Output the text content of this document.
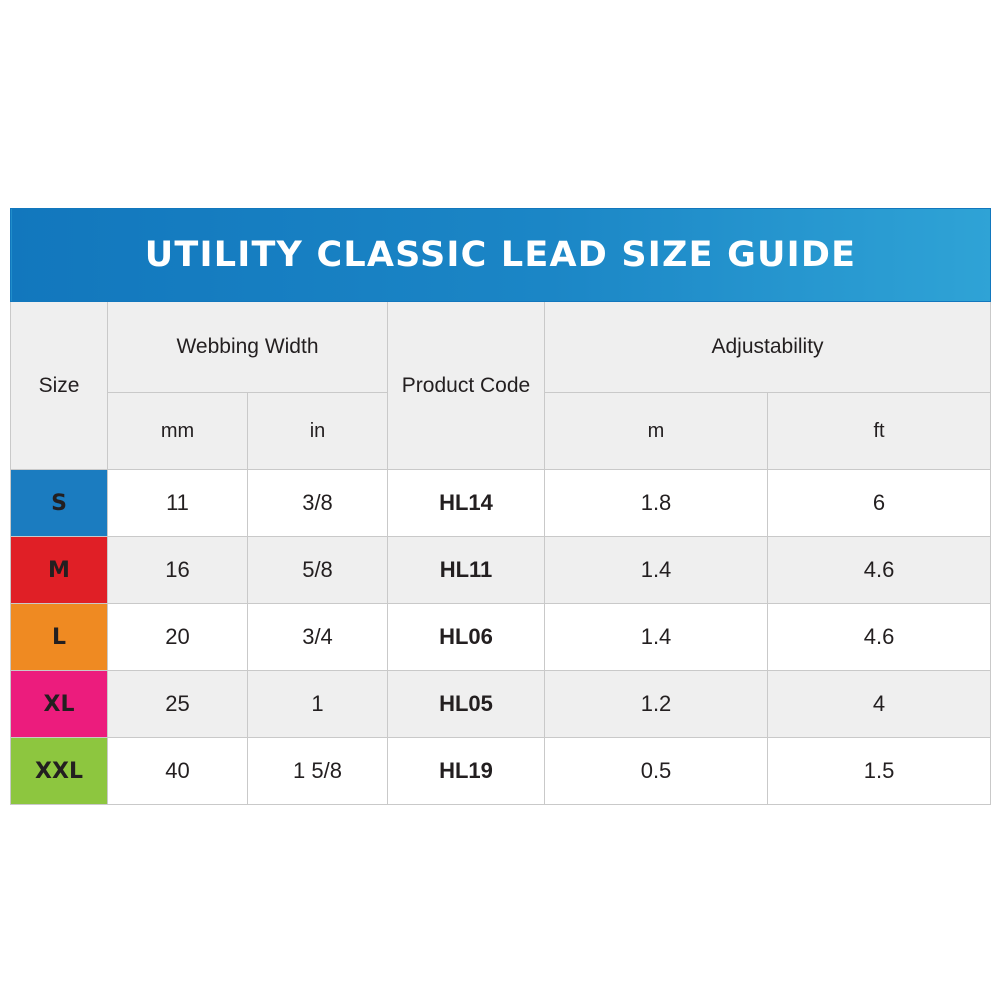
UTILITY CLASSIC LEAD SIZE GUIDE					

Size	Webbing Width		Product Code	Adjustability	
	mm	in		m	ft
S	11	3/8	HL14	1.8	6
M	16	5/8	HL11	1.4	4.6
L	20	3/4	HL06	1.4	4.6
XL	25	1	HL05	1.2	4
XXL	40	1 5/8	HL19	0.5	1.5
